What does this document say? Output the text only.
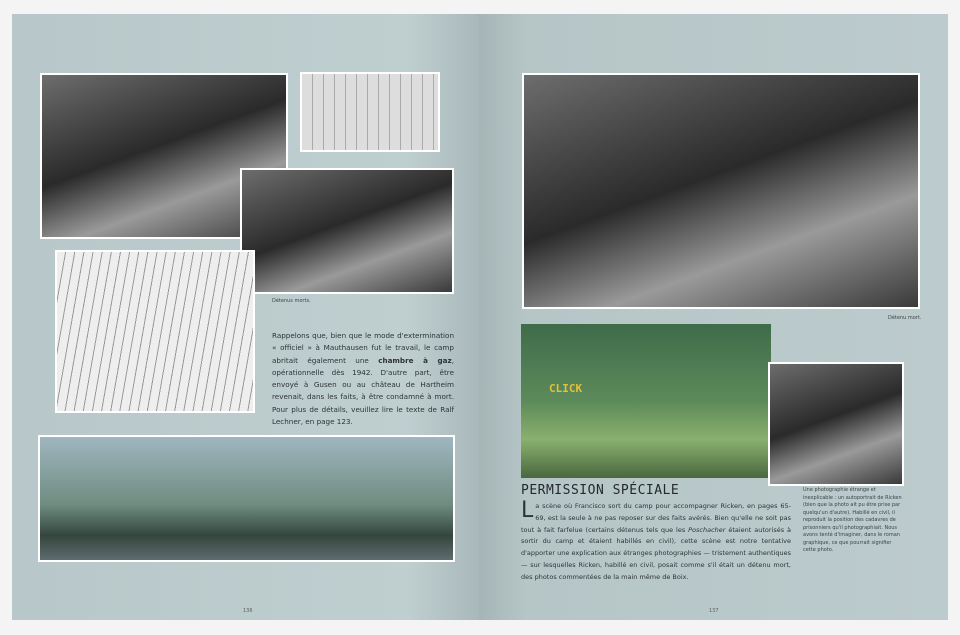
Détenus morts.
Rappelons que, bien que le mode d'extermination « officiel » à Mauthausen fut le travail, le camp abritait également une chambre à gaz, opérationnelle dès 1942. D'autre part, être envoyé à Gusen ou au château de Hartheim revenait, dans les faits, à être condamné à mort. Pour plus de détails, veuillez lire le texte de Ralf Lechner, en page 123.
136
Détenu mort.
CLICK
PERMISSION SPÉCIALE
La scène où Francisco sort du camp pour accompagner Ricken, en pages 65-69, est la seule à ne pas reposer sur des faits avérés. Bien qu'elle ne soit pas tout à fait farfelue (certains détenus tels que les Poschacher étaient autorisés à sortir du camp et étaient habillés en civil), cette scène est notre tentative d'apporter une explication aux étranges photographies — tristement authentiques — sur lesquelles Ricken, habillé en civil, posait comme s'il était un détenu mort, des photos commentées de la main même de Boix.
Une photographie étrange et inexplicable : un autoportrait de Ricken (bien que la photo ait pu être prise par quelqu'un d'autre). Habillé en civil, il reproduit la position des cadavres de prisonniers qu'il photographiait. Nous avons tenté d'imaginer, dans le roman graphique, ce que pourrait signifier cette photo.
137
